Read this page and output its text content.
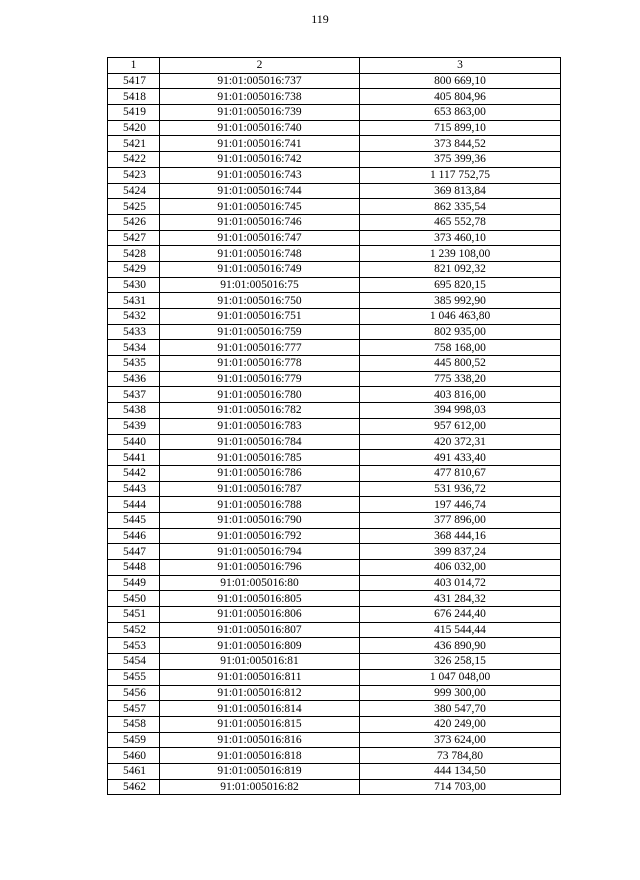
119
1	2	3
5417	91:01:005016:737	800 669,10
5418	91:01:005016:738	405 804,96
5419	91:01:005016:739	653 863,00
5420	91:01:005016:740	715 899,10
5421	91:01:005016:741	373 844,52
5422	91:01:005016:742	375 399,36
5423	91:01:005016:743	1 117 752,75
5424	91:01:005016:744	369 813,84
5425	91:01:005016:745	862 335,54
5426	91:01:005016:746	465 552,78
5427	91:01:005016:747	373 460,10
5428	91:01:005016:748	1 239 108,00
5429	91:01:005016:749	821 092,32
5430	91:01:005016:75	695 820,15
5431	91:01:005016:750	385 992,90
5432	91:01:005016:751	1 046 463,80
5433	91:01:005016:759	802 935,00
5434	91:01:005016:777	758 168,00
5435	91:01:005016:778	445 800,52
5436	91:01:005016:779	775 338,20
5437	91:01:005016:780	403 816,00
5438	91:01:005016:782	394 998,03
5439	91:01:005016:783	957 612,00
5440	91:01:005016:784	420 372,31
5441	91:01:005016:785	491 433,40
5442	91:01:005016:786	477 810,67
5443	91:01:005016:787	531 936,72
5444	91:01:005016:788	197 446,74
5445	91:01:005016:790	377 896,00
5446	91:01:005016:792	368 444,16
5447	91:01:005016:794	399 837,24
5448	91:01:005016:796	406 032,00
5449	91:01:005016:80	403 014,72
5450	91:01:005016:805	431 284,32
5451	91:01:005016:806	676 244,40
5452	91:01:005016:807	415 544,44
5453	91:01:005016:809	436 890,90
5454	91:01:005016:81	326 258,15
5455	91:01:005016:811	1 047 048,00
5456	91:01:005016:812	999 300,00
5457	91:01:005016:814	380 547,70
5458	91:01:005016:815	420 249,00
5459	91:01:005016:816	373 624,00
5460	91:01:005016:818	73 784,80
5461	91:01:005016:819	444 134,50
5462	91:01:005016:82	714 703,00
